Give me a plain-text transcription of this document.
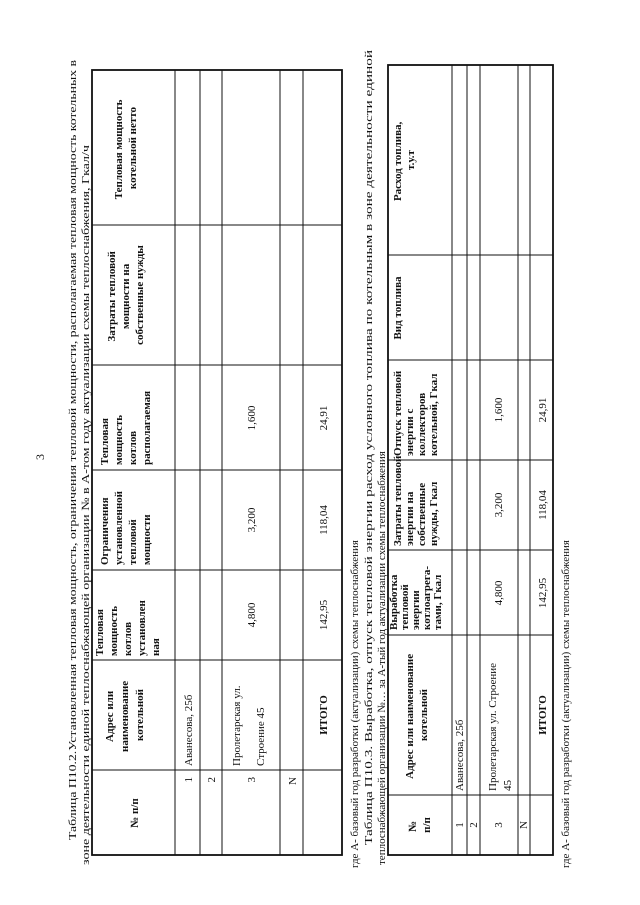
3 Таблица П10.2.Установленная тепловая мощность, ограничения тепловой мощности, располагаемая тепловая мощность котельных в зоне деятельности единой теплоснабжающей организации № в А-том году актуализации схемы теплоснабжения, Гкал/ч	№ п/п
Адрес или наименование котельной
Тепловая мощность котлов установлен ная
Ограничения установленной тепловой мощности
Тепловая мощность котлов располагаемая
Затраты тепловой мощности на собственные нужды
Тепловая мощность котельной нетто
1
Аванесова, 25б
2	3
Пролетарская ул. Строение 45
4,800
3,200
1,600
N
ИТОГО
142,95
118,04
24,91
где А- базовый год разработки (актуализации) схемы теплоснабжения Таблица П10.3. Выработка, отпуск тепловой энергии расход условного топлива по котельным в зоне деятельности единой теплоснабжающей организации №… за А-тый год актуализации схемы теплоснабжения № п/п
Адрес или наименование котельной
Выработка тепловой энергии котлоагрега- тами, Гкал
Затраты тепловой энергии на собственные нужды, Гкал
Отпуск тепловой энергии с коллекторов котельной, Гкал
Вид топлива
Расход топлива, т.у.т
1
Аванесова, 25б
2 3
Пролетарская ул. Строение 45
4,800
3,200
1,600
N
ИТОГО
142,95
118,04
24,91
где А- базовый год разработки (актуализации) схемы теплоснабжения
